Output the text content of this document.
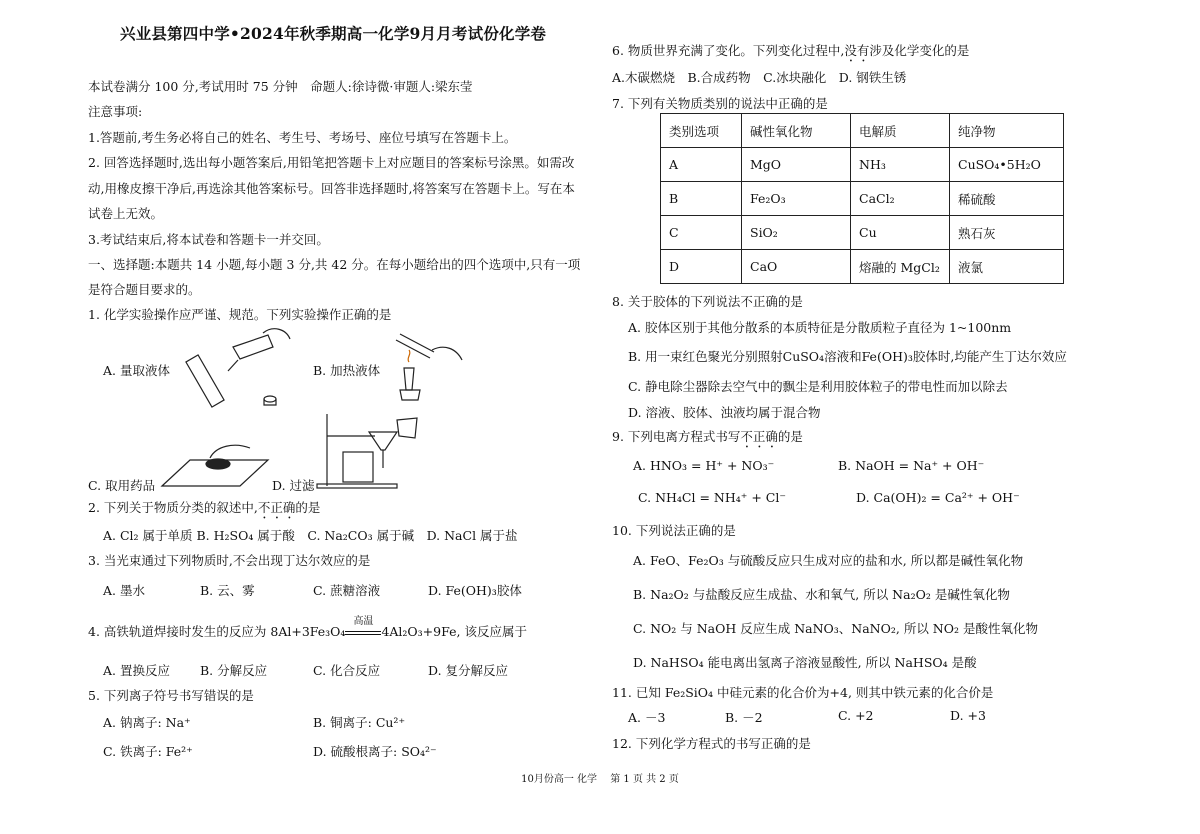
兴业县第四中学•2024年秋季期高一化学9月月考试份化学卷
本试卷满分 100 分,考试用时 75 分钟　命题人:徐诗微·审题人:梁东莹
注意事项:
1.答题前,考生务必将自己的姓名、考生号、考场号、座位号填写在答题卡上。
2. 回答选择题时,选出每小题答案后,用铅笔把答题卡上对应题目的答案标号涂黑。如需改
动,用橡皮擦干净后,再选涂其他答案标号。回答非选择题时,将答案写在答题卡上。写在本
试卷上无效。
3.考试结束后,将本试卷和答题卡一并交回。
一、选择题:本题共 14 小题,每小题 3 分,共 42 分。在每小题给出的四个选项中,只有一项
是符合题目要求的。
1. 化学实验操作应严谨、规范。下列实验操作正确的是
A. 量取液体	B. 加热液体
C. 取用药品	D. 过滤
2. 下列关于物质分类的叙述中,不正确的是
A. Cl₂ 属于单质 B. H₂SO₄ 属于酸　C. Na₂CO₃ 属于碱　D. NaCl 属于盐
3. 当光束通过下列物质时,不会出现丁达尔效应的是
A. 墨水	B. 云、雾	C. 蔗糖溶液	D. Fe(OH)₃胶体
4. 高铁轨道焊接时发生的反应为 8Al+3Fe₃O₄
高温
4Al₂O₃+9Fe, 该反应属于
A. 置换反应 B. 分解反应	C. 化合反应	D. 复分解反应
5. 下列离子符号书写错误的是
A. 钠离子: Na⁺	B. 铜离子: Cu²⁺
C. 铁离子: Fe²⁺	D. 硫酸根离子: SO₄²⁻
6. 物质世界充满了变化。下列变化过程中,没有涉及化学变化的是
A.木碳燃烧　B.合成药物　C.冰块融化　D. 钢铁生锈
7. 下列有关物质类别的说法中正确的是
类别选项	碱性氧化物	电解质	纯净物
A	MgO	NH₃	CuSO₄•5H₂O
B	Fe₂O₃	CaCl₂	稀硫酸
C	SiO₂	Cu	熟石灰
D	CaO	熔融的 MgCl₂	液氯
8. 关于胶体的下列说法不正确的是
A. 胶体区别于其他分散系的本质特征是分散质粒子直径为 1~100nm
B. 用一束红色聚光分别照射CuSO₄溶液和Fe(OH)₃胶体时,均能产生丁达尔效应
C. 静电除尘器除去空气中的飘尘是利用胶体粒子的带电性而加以除去
D. 溶液、胶体、浊液均属于混合物
9. 下列电离方程式书写不正确的是
A. HNO₃ = H⁺ + NO₃⁻	B. NaOH = Na⁺ + OH⁻
C. NH₄Cl = NH₄⁺ + Cl⁻	D. Ca(OH)₂ = Ca²⁺ + OH⁻
10. 下列说法正确的是
A. FeO、Fe₂O₃ 与硫酸反应只生成对应的盐和水, 所以都是碱性氧化物
B. Na₂O₂ 与盐酸反应生成盐、水和氧气, 所以 Na₂O₂ 是碱性氧化物
C. NO₂ 与 NaOH 反应生成 NaNO₃、NaNO₂, 所以 NO₂ 是酸性氧化物
D. NaHSO₄ 能电离出氢离子溶液显酸性, 所以 NaHSO₄ 是酸
11. 已知 Fe₂SiO₄ 中硅元素的化合价为+4, 则其中铁元素的化合价是
A. －3	B. －2	C. +2	D. +3
12. 下列化学方程式的书写正确的是
10月份高一 化学　 第 1 页 共 2 页
